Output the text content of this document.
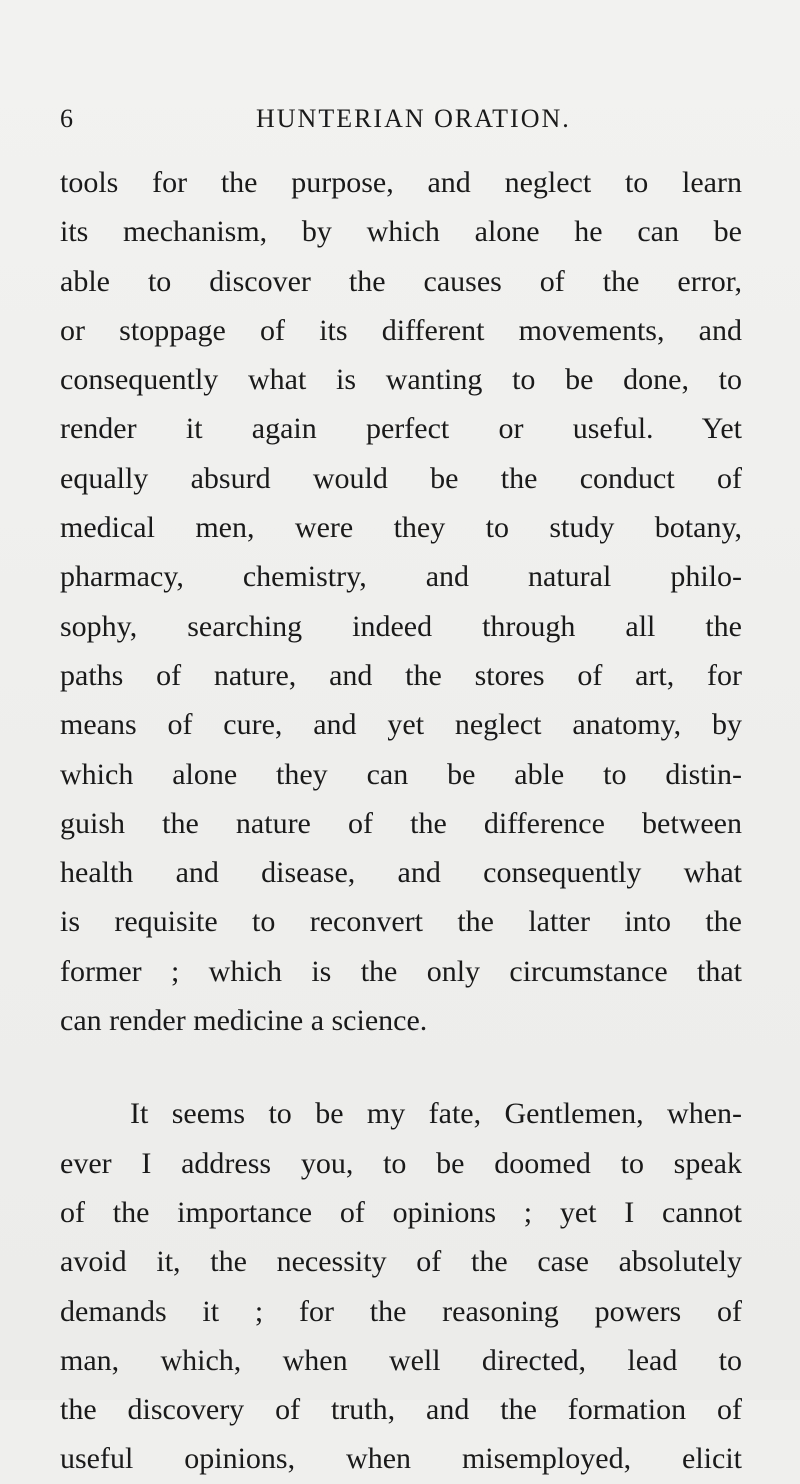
6	HUNTERIAN ORATION.
tools for the purpose, and neglect to learn
its mechanism, by which alone he can be
able to discover the causes of the error,
or stoppage of its different movements, and
consequently what is wanting to be done, to
render it again perfect or useful. Yet
equally absurd would be the conduct of
medical men, were they to study botany,
pharmacy, chemistry, and natural philo-
sophy, searching indeed through all the
paths of nature, and the stores of art, for
means of cure, and yet neglect anatomy, by
which alone they can be able to distin-
guish the nature of the difference between
health and disease, and consequently what
is requisite to reconvert the latter into the
former ; which is the only circumstance that
can render medicine a science.
It seems to be my fate, Gentlemen, when-
ever I address you, to be doomed to speak
of the importance of opinions ; yet I cannot
avoid it, the necessity of the case absolutely
demands it ; for the reasoning powers of
man, which, when well directed, lead to
the discovery of truth, and the formation of
useful opinions, when misemployed, elicit
